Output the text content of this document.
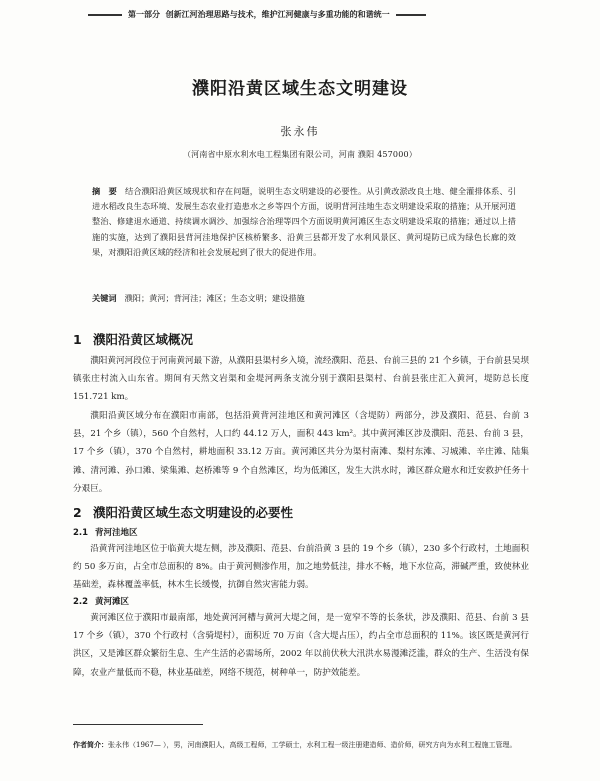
第一部分 创新江河治理思路与技术，维护江河健康与多重功能的和谐统一
濮阳沿黄区域生态文明建设
张永伟
（河南省中原水利水电工程集团有限公司，河南 濮阳 457000）
摘　要 结合濮阳沿黄区域现状和存在问题，说明生态文明建设的必要性。从引黄改淤改良土地、健全灌排体系、引进水稻改良生态环境、发展生态农业打造患水之乡等四个方面，说明背河洼地生态文明建设采取的措施；从开展河道整治、修建退水通道、持续调水调沙、加强综合治理等四个方面说明黄河滩区生态文明建设采取的措施；通过以上措施的实施，达到了濮阳县背河洼地保护区核桥繁多、沿黄三县都开发了水利风景区、黄河堤防已成为绿色长廊的效果，对濮阳沿黄区域的经济和社会发展起到了很大的促进作用。
关键词 濮阳；黄河；背河洼；滩区；生态文明；建设措施
1 濮阳沿黄区域概况
濮阳黄河河段位于河南黄河最下游，从濮阳县渠村乡入境，流经濮阳、范县、台前三县的 21 个乡镇，于台前县吴坝镇张庄村流入山东省。期间有天然文岩渠和金堤河两条支流分别于濮阳县渠村、台前县张庄汇入黄河，堤防总长度 151.721 km。
濮阳沿黄区域分布在濮阳市南部，包括沿黄背河洼地区和黄河滩区（含堤防）两部分，涉及濮阳、范县、台前 3 县，21 个乡（镇），560 个自然村，人口约 44.12 万人，面积 443 km²。其中黄河滩区涉及濮阳、范县、台前 3 县，17 个乡（镇），370 个自然村，耕地面积 33.12 万亩。黄河滩区共分为渠村南滩、梨村东滩、习城滩、辛庄滩、陆集滩、清河滩、孙口滩、梁集滩、赵桥滩等 9 个自然滩区，均为低滩区，发生大洪水时，滩区群众避水和迁安救护任务十分艰巨。
2 濮阳沿黄区域生态文明建设的必要性
2.1 背河洼地区
沿黄背河洼地区位于临黄大堤左侧，涉及濮阳、范县、台前沿黄 3 县的 19 个乡（镇），230 多个行政村，土地面积约 50 多万亩，占全市总面积的 8%。由于黄河侧渗作用，加之地势低洼，排水不畅，地下水位高，滞碱严重，致使林业基础差，森林覆盖率低，林木生长缓慢，抗御自然灾害能力弱。
2.2 黄河滩区
黄河滩区位于濮阳市最南部，地处黄河河槽与黄河大堤之间，是一宽窄不等的长条状，涉及濮阳、范县、台前 3 县 17 个乡（镇），370 个行政村（含骑堤村），面积近 70 万亩（含大堤占压），约占全市总面积的 11%。该区既是黄河行洪区，又是滩区群众繁衍生息、生产生活的必需场所，2002 年以前伏秋大汛洪水易漫滩泛滥，群众的生产、生活没有保障，农业产量低而不稳，林业基础差，网络不规范，树种单一，防护效能差。
作者简介：张永伟（1967— ），男，河南濮阳人，高级工程师，工学硕士，水利工程一级注册建造师、造价师，研究方向为水利工程施工管理。
